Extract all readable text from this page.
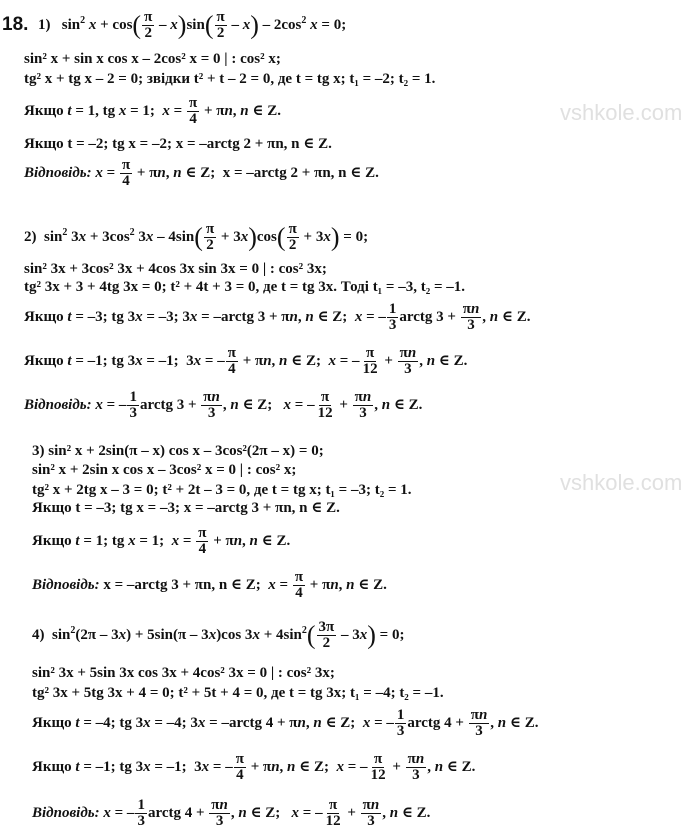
vshkole.com
vshkole.com
18. 1) $\sin^2 x + \cos( \frac{\pi}{2} - x)\sin( \frac{\pi}{2} - x) - 2\cos^2$ x = 0;
sin² x + sin x cos x – 2cos² x = 0 | : cos² x;
tg² x + tg x – 2 = 0; звідки t² + t – 2 = 0, де t = tg x; t₁ = –2; t₂ = 1.
Якщо t = 1, tg x = 1;  $x = \frac{\pi}{4} + \pi n$, n ∈ Z.
Якщо t = –2; tg x = –2; x = –arctg 2 + πn, n ∈ Z.
Відповідь: $x = \frac{\pi}{4} + \pi n$, n ∈ Z;  x = –arctg 2 + πn, n ∈ Z.
2)  $\sin^2 3x + 3\cos^2$ $3x - 4\sin( \frac{\pi}{2} + 3x)\cos( \frac{\pi}{2} + 3x) = 0$;
sin² 3x + 3cos² 3x + 4cos 3x sin 3x = 0 | : cos² 3x;
tg² 3x + 3 + 4tg 3x = 0; t² + 4t + 3 = 0, де t = tg 3x. Тоді t₁ = –3, t₂ = –1.
Якщо t = –3; tg 3x = –3; 3x = –arctg 3 + πn, n ∈ Z;  x = – $\frac{1}{3}$ arctg $3 + \frac{\pi n}{3}$ , n ∈ Z.
Якщо t = –1; tg 3x = –1;  3x = – $\frac{\pi}{4} + \pi n$, n ∈ Z;  x = – $\frac{\pi}{12} + \frac{\pi n}{3}$ , n ∈ Z.
Відповідь: x = – $\frac{1}{3}$ arctg $3 + \frac{\pi n}{3}$ , n ∈ Z;   x = – $\frac{\pi}{12} + \frac{\pi n}{3}$ , n ∈ Z.
3) sin² x + 2sin(π – x) cos x – 3cos²(2π – x) = 0;
sin² x + 2sin x cos x – 3cos² x = 0 | : cos² x;
tg² x + 2tg x – 3 = 0; t² + 2t – 3 = 0, де t = tg x; t₁ = –3; t₂ = 1.
Якщо t = –3; tg x = –3; x = –arctg 3 + πn, n ∈ Z.
Якщо t = 1; tg x = 1;  $x = \frac{\pi}{4} + \pi n$, n ∈ Z.
Відповідь: x = –arctg 3 + πn, n ∈ Z; $x = \frac{\pi}{4} + \pi n$, n ∈ Z.
4)  $\sin^2(2\pi - 3x) + 5\sin(\pi - 3x)\cos$ $3x + 4\sin^2( \frac{3\pi}{2} - 3x) = 0$;
sin² 3x + 5sin 3x cos 3x + 4cos² 3x = 0 | : cos² 3x;
tg² 3x + 5tg 3x + 4 = 0; t² + 5t + 4 = 0, де t = tg 3x; t₁ = –4; t₂ = –1.
Якщо t = –4; tg 3x = –4; 3x = –arctg 4 + πn, n ∈ Z;  x = – $\frac{1}{3}$ arctg $4 + \frac{\pi n}{3}$ , n ∈ Z.
Якщо t = –1; tg 3x = –1;  3x = – $\frac{\pi}{4} + \pi n$, n ∈ Z;  x = – $\frac{\pi}{12} + \frac{\pi n}{3}$ , n ∈ Z.
Відповідь: x = – $\frac{1}{3}$ arctg $4 + \frac{\pi n}{3}$ , n ∈ Z;   x = – $\frac{\pi}{12} + \frac{\pi n}{3}$ , n ∈ Z.
